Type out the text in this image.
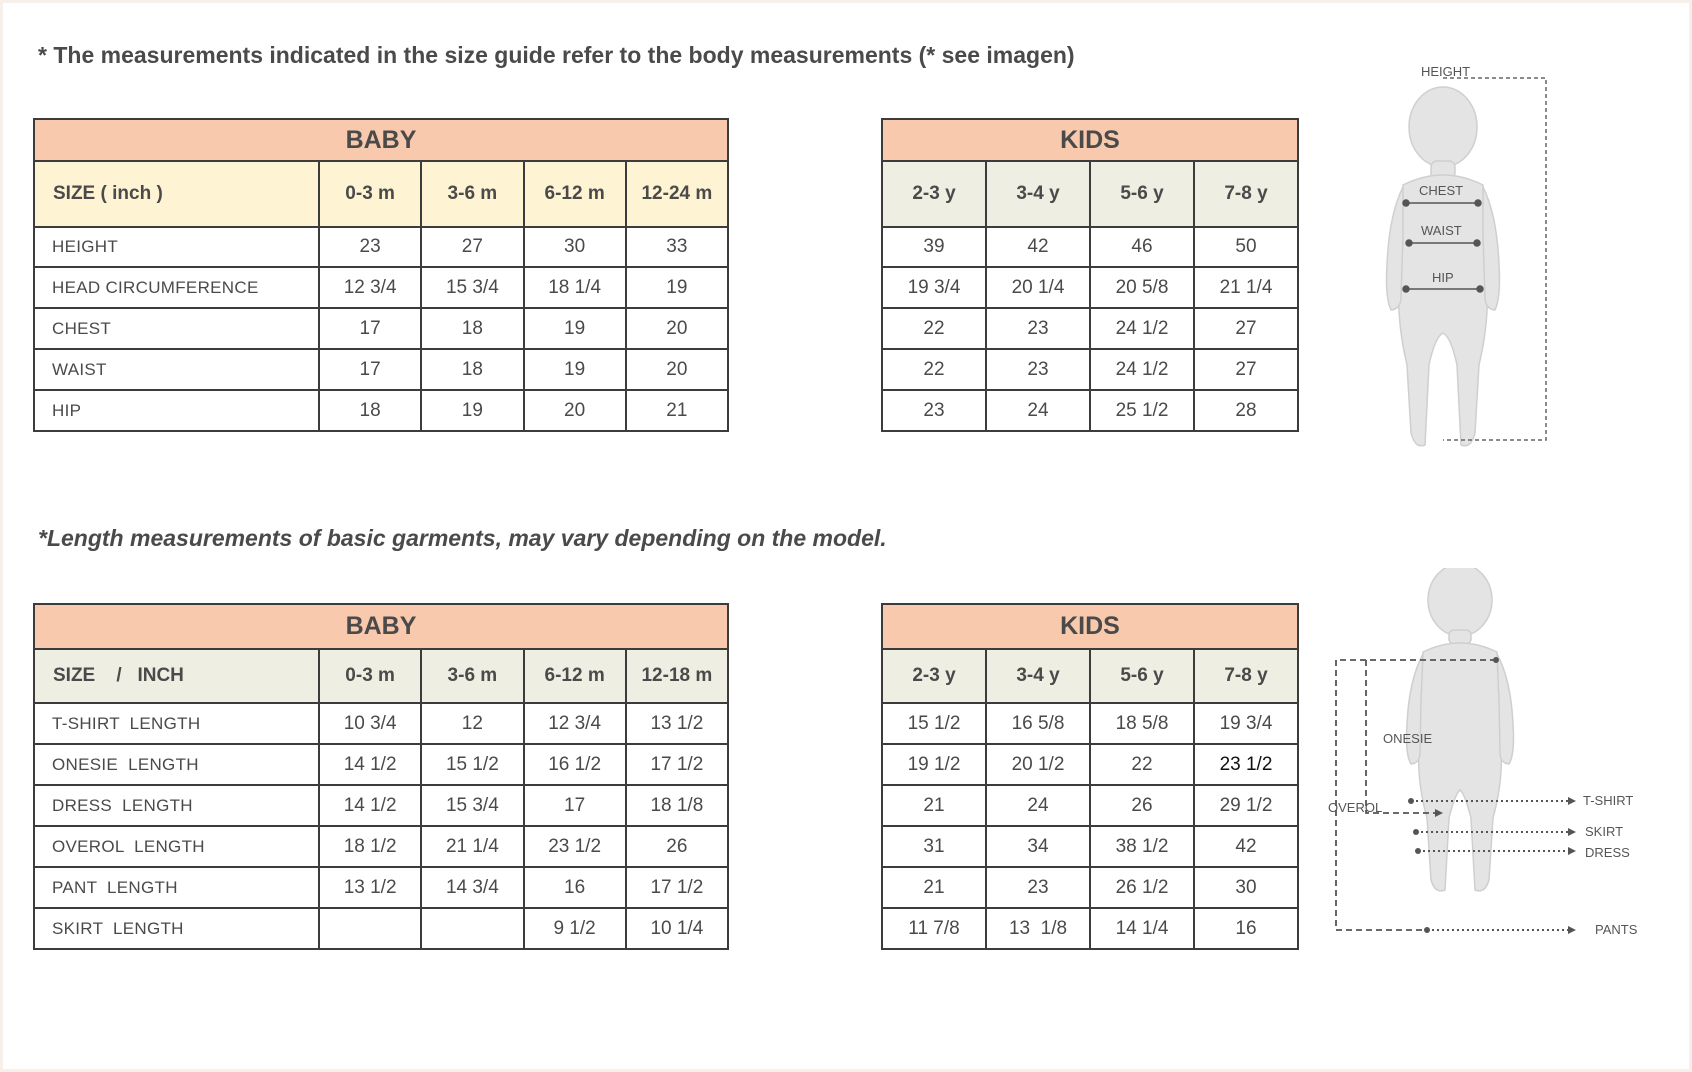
* The measurements indicated in the size guide refer to the body measurements (* see imagen)

BABY				
SIZE ( inch )	0-3 m	3-6 m	6-12 m	12-24 m
HEIGHT	23	27	30	33
HEAD CIRCUMFERENCE	12 3/4	15 3/4	18 1/4	19
CHEST	17	18	19	20
WAIST	17	18	19	20
HIP	18	19	20	21
KIDS			
2-3 y	3-4 y	5-6 y	7-8 y
39	42	46	50
19 3/4	20 1/4	20 5/8	21 1/4
22	23	24 1/2	27
22	23	24 1/2	27
23	24	25 1/2	28
HEIGHT
CHEST
WAIST
HIP

*Length measurements of basic garments, may vary depending on the model.

BABY				
SIZE    /   INCH	0-3 m	3-6 m	6-12 m	12-18 m
T-SHIRT  LENGTH	10 3/4	12	12 3/4	13 1/2
ONESIE  LENGTH	14 1/2	15 1/2	16 1/2	17 1/2
DRESS  LENGTH	14 1/2	15 3/4	17	18 1/8
OVEROL  LENGTH	18 1/2	21 1/4	23 1/2	26
PANT  LENGTH	13 1/2	14 3/4	16	17 1/2
SKIRT  LENGTH			9 1/2	10 1/4
KIDS			
2-3 y	3-4 y	5-6 y	7-8 y
15 1/2	16 5/8	18 5/8	19 3/4
19 1/2	20 1/2	22	23 1/2
21	24	26	29 1/2
31	34	38 1/2	42
21	23	26 1/2	30
11 7/8	13  1/8	14 1/4	16
ONESIE
OVEROL	T-SHIRT
SKIRT
DRESS
PANTS
